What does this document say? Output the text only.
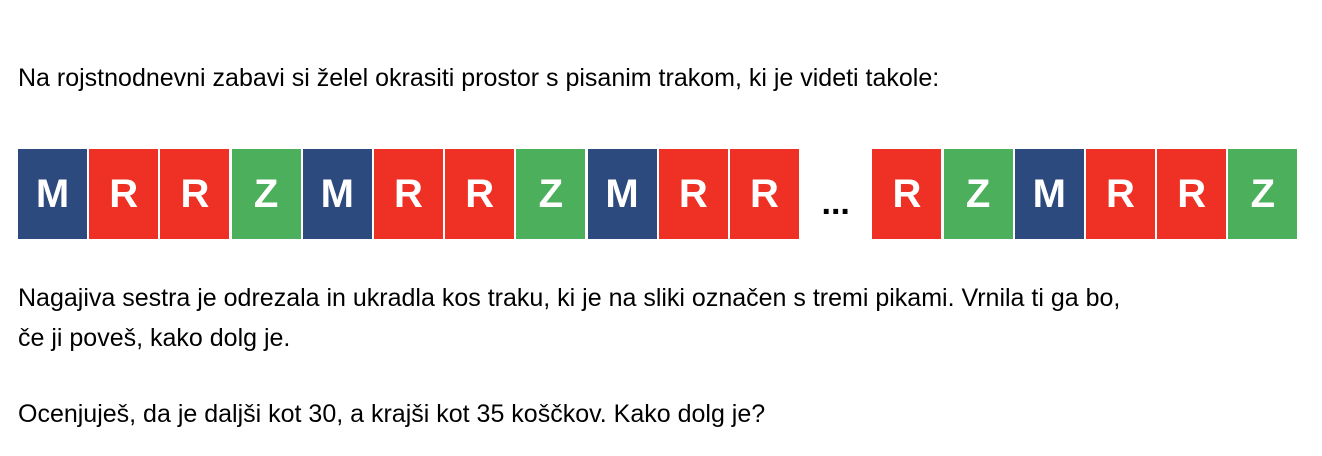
Na rojstnodnevni zabavi si želel okrasiti prostor s pisanim trakom, ki je videti takole:

M	R	R	Z	M	R	R	Z	M	R	R	...	R	Z	M	R	R	Z

Nagajiva sestra je odrezala in ukradla kos traku, ki je na sliki označen s tremi pikami. Vrnila ti ga bo,

če ji poveš, kako dolg je.

Ocenjuješ, da je daljši kot 30, a krajši kot 35 koščkov. Kako dolg je?
